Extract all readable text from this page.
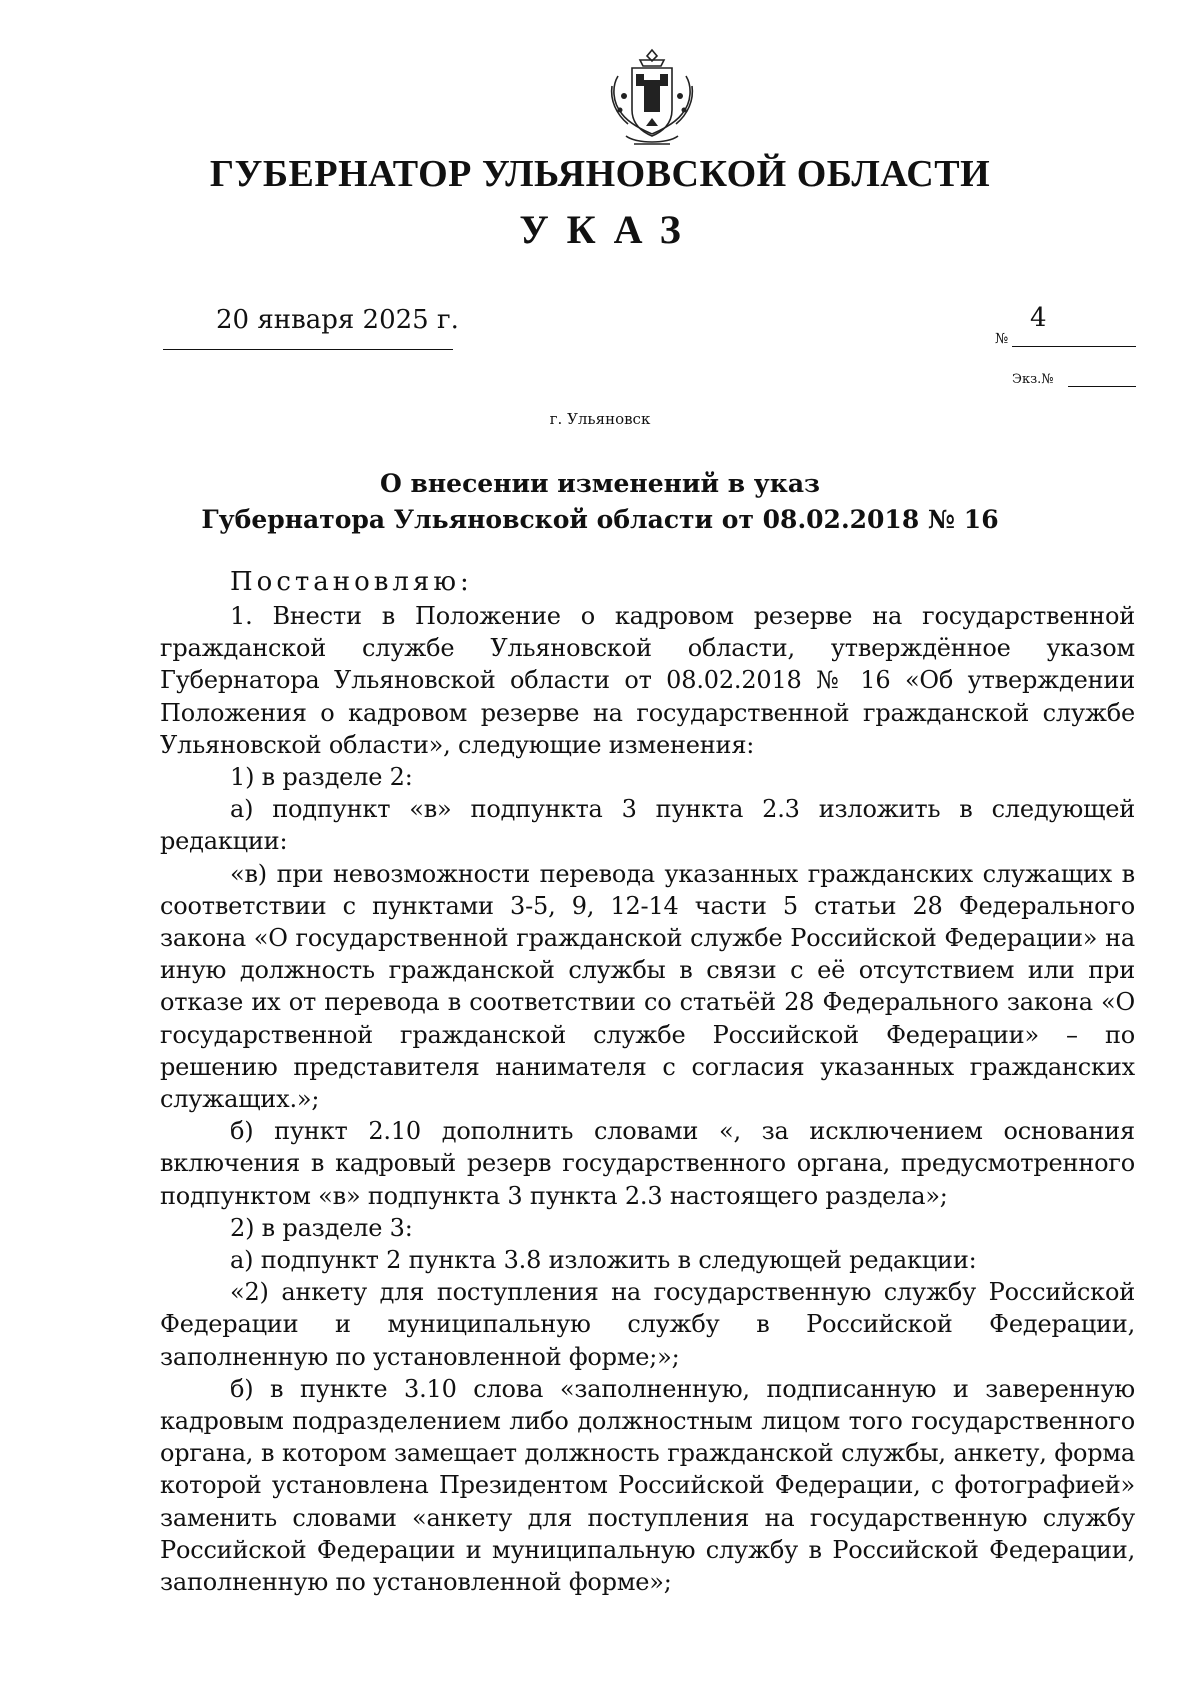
ГУБЕРНАТОР УЛЬЯНОВСКОЙ ОБЛАСТИ
УКАЗ
20 января 2025 г.
№
4
Экз.№
г. Ульяновск
О внесении изменений в указ
Губернатора Ульяновской области от 08.02.2018 № 16
Постановляю:

1. Внести в Положение о кадровом резерве на государственной гражданской службе Ульяновской области, утверждённое указом Губернатора Ульяновской области от 08.02.2018 № 16 «Об утверждении Положения о кадровом резерве на государственной гражданской службе Ульяновской области», следующие изменения:

1) в разделе 2:

а) подпункт «в» подпункта 3 пункта 2.3 изложить в следующей редакции:

«в) при невозможности перевода указанных гражданских служащих в соответствии с пунктами 3-5, 9, 12-14 части 5 статьи 28 Федерального закона «О государственной гражданской службе Российской Федерации» на иную должность гражданской службы в связи с её отсутствием или при отказе их от перевода в соответствии со статьёй 28 Федерального закона «О государственной гражданской службе Российской Федерации» – по решению представителя нанимателя с согласия указанных гражданских служащих.»;

б) пункт 2.10 дополнить словами «, за исключением основания включения в кадровый резерв государственного органа, предусмотренного подпунктом «в» подпункта 3 пункта 2.3 настоящего раздела»;

2) в разделе 3:

а) подпункт 2 пункта 3.8 изложить в следующей редакции:

«2) анкету для поступления на государственную службу Российской Федерации и муниципальную службу в Российской Федерации, заполненную по установленной форме;»;

б) в пункте 3.10 слова «заполненную, подписанную и заверенную кадровым подразделением либо должностным лицом того государственного органа, в котором замещает должность гражданской службы, анкету, форма которой установлена Президентом Российской Федерации, с фотографией» заменить словами «анкету для поступления на государственную службу Российской Федерации и муниципальную службу в Российской Федерации, заполненную по установленной форме»;
